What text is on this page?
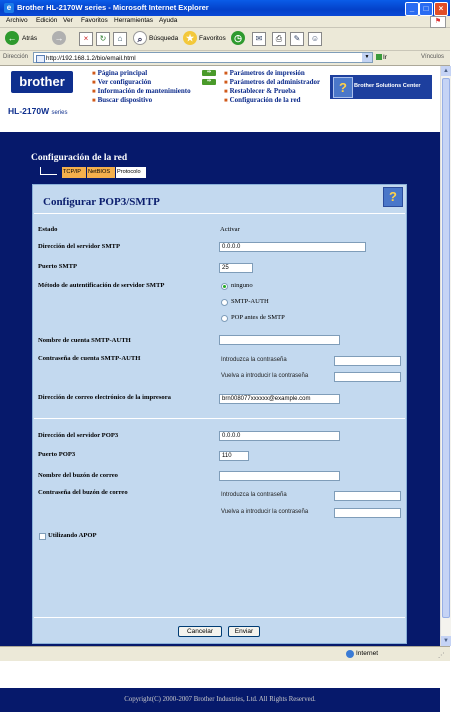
e Brother HL-2170W series - Microsoft Internet Explorer	_	□	×
Archivo Edición Ver Favoritos Herramientas Ayuda	⚑
← Atrás →	×	↻	⌂	⌕ Búsqueda ★ Favoritos ◷	✉	⎙	✎	☺
Dirección	http://192.168.1.2/bio/email.html	▼	Ir	Vínculos
brother
HL-2170W series
■ Página principal
■ Ver configuración
■ Información de mantenimiento
■ Buscar dispositivo
⇒	■ Parámetros de impresión
⇒	■ Parámetros del administrador
■ Restablecer & Prueba
■ Configuración de la red
?	Brother Solutions Center
Configuración de la red
TCP/IP	NetBIOS	Protocolo
Configurar POP3/SMTP	?
Estado	Activar
Dirección del servidor SMTP	0.0.0.0
Puerto SMTP	25
Método de autentificación de servidor SMTP	ninguno
SMTP-AUTH
POP antes de SMTP
Nombre de cuenta SMTP-AUTH
Contraseña de cuenta SMTP-AUTH	Introduzca la contraseña
Vuelva a introducir la contraseña
Dirección de correo electrónico de la impresora	brn008077xxxxxx@example.com
Dirección del servidor POP3	0.0.0.0
Puerto POP3	110
Nombre del buzón de correo
Contraseña del buzón de correo	Introduzca la contraseña
Vuelva a introducir la contraseña
Utilizando APOP
Cancelar	Enviar
Copyright(C) 2000-2007 Brother Industries, Ltd. All Rights Reserved.
▲
▼
Internet	⋰
